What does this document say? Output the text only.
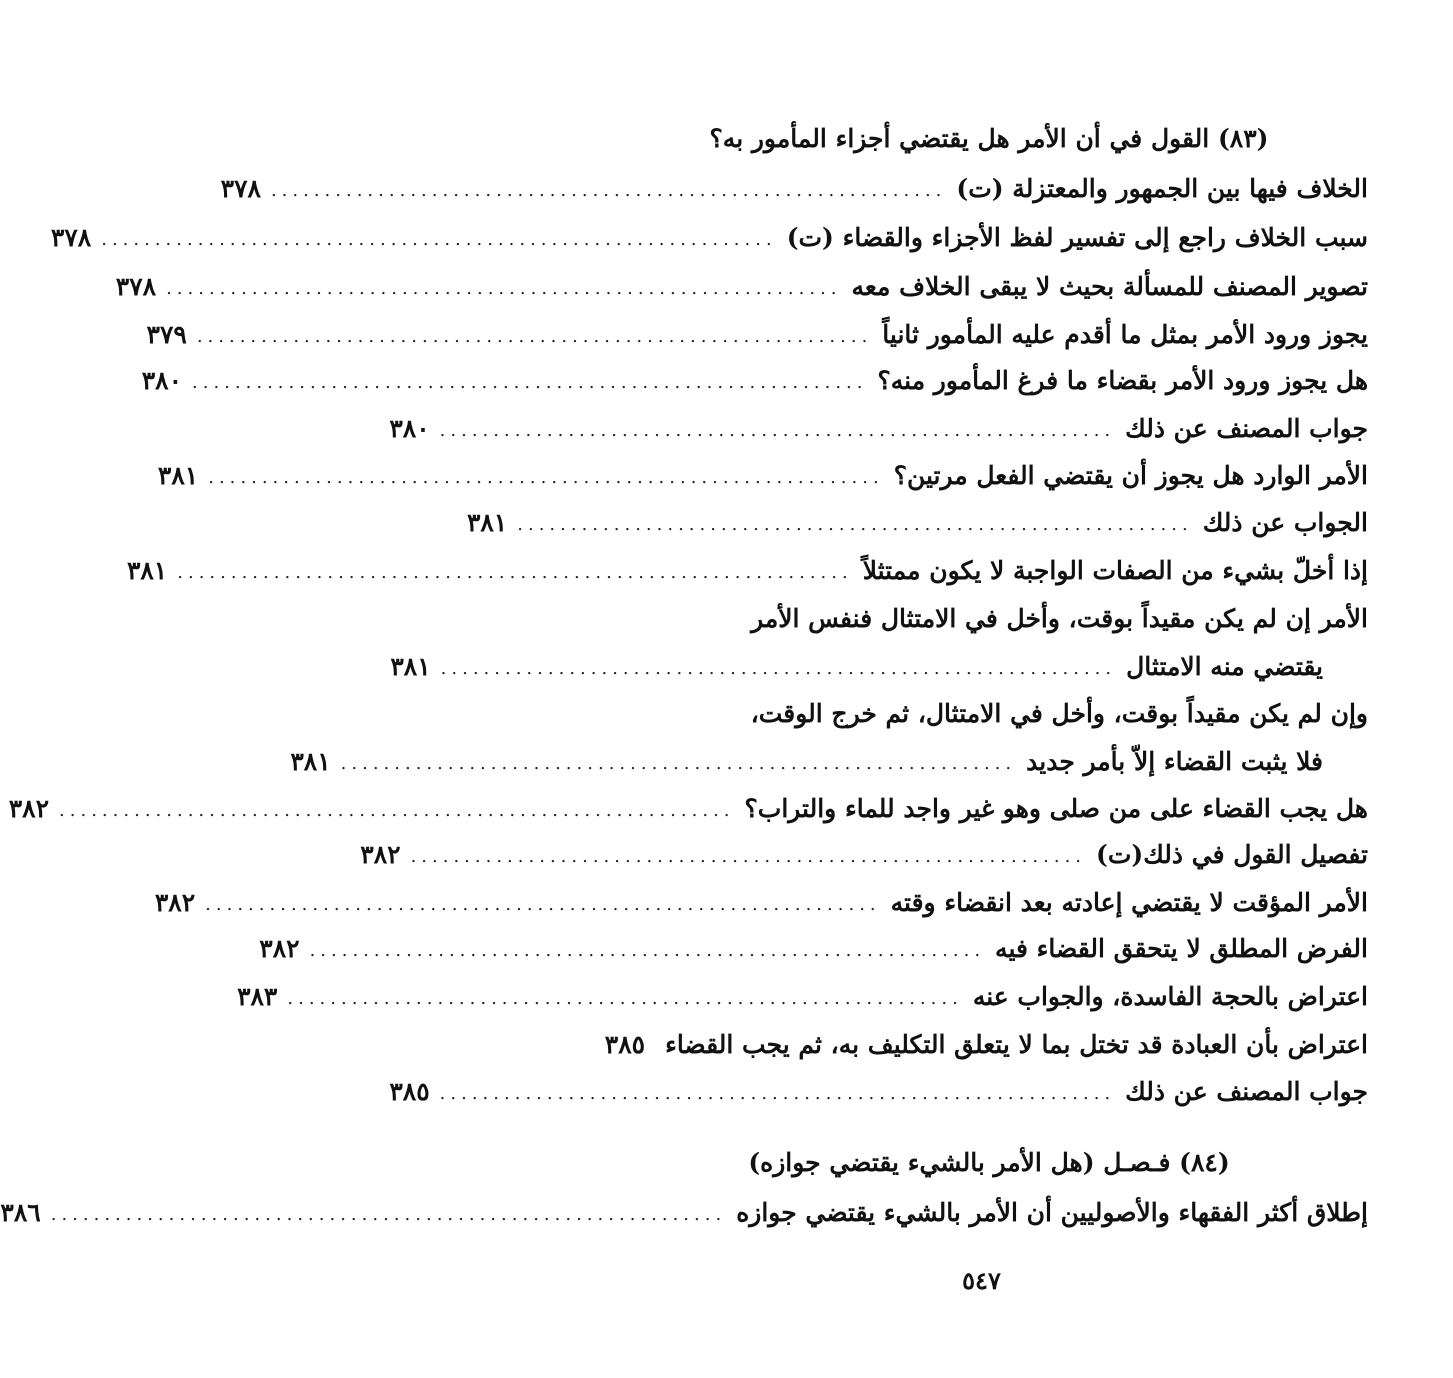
(٨٣) القول في أن الأمر هل يقتضي أجزاء المأمور به؟
الخلاف فيها بين الجمهور والمعتزلة (ت)
...............................................................
٣٧٨
سبب الخلاف راجع إلى تفسير لفظ الأجزاء والقضاء (ت)
...............................................................
٣٧٨
تصوير المصنف للمسألة بحيث لا يبقى الخلاف معه
...............................................................
٣٧٨
يجوز ورود الأمر بمثل ما أقدم عليه المأمور ثانياً
...............................................................
٣٧٩
هل يجوز ورود الأمر بقضاء ما فرغ المأمور منه؟
...............................................................
٣٨٠
جواب المصنف عن ذلك
...............................................................
٣٨٠
الأمر الوارد هل يجوز أن يقتضي الفعل مرتين؟
...............................................................
٣٨١
الجواب عن ذلك
...............................................................
٣٨١
إذا أخلّ بشيء من الصفات الواجبة لا يكون ممتثلاً
...............................................................
٣٨١
الأمر إن لم يكن مقيداً بوقت، وأخل في الامتثال فنفس الأمر
يقتضي منه الامتثال
...............................................................
٣٨١
وإن لم يكن مقيداً بوقت، وأخل في الامتثال، ثم خرج الوقت،
فلا يثبت القضاء إلاّ بأمر جديد
...............................................................
٣٨١
هل يجب القضاء على من صلى وهو غير واجد للماء والتراب؟
...............................................................
٣٨٢
تفصيل القول في ذلك(ت)
...............................................................
٣٨٢
الأمر المؤقت لا يقتضي إعادته بعد انقضاء وقته
...............................................................
٣٨٢
الفرض المطلق لا يتحقق القضاء فيه
...............................................................
٣٨٢
اعتراض بالحجة الفاسدة، والجواب عنه
...............................................................
٣٨٣
اعتراض بأن العبادة قد تختل بما لا يتعلق التكليف به، ثم يجب القضاء
٣٨٥
جواب المصنف عن ذلك
...............................................................
٣٨٥
(٨٤) فـصـل (هل الأمر بالشيء يقتضي جوازه)
إطلاق أكثر الفقهاء والأصوليين أن الأمر بالشيء يقتضي جوازه
...............................................................
٣٨٦
٥٤٧
